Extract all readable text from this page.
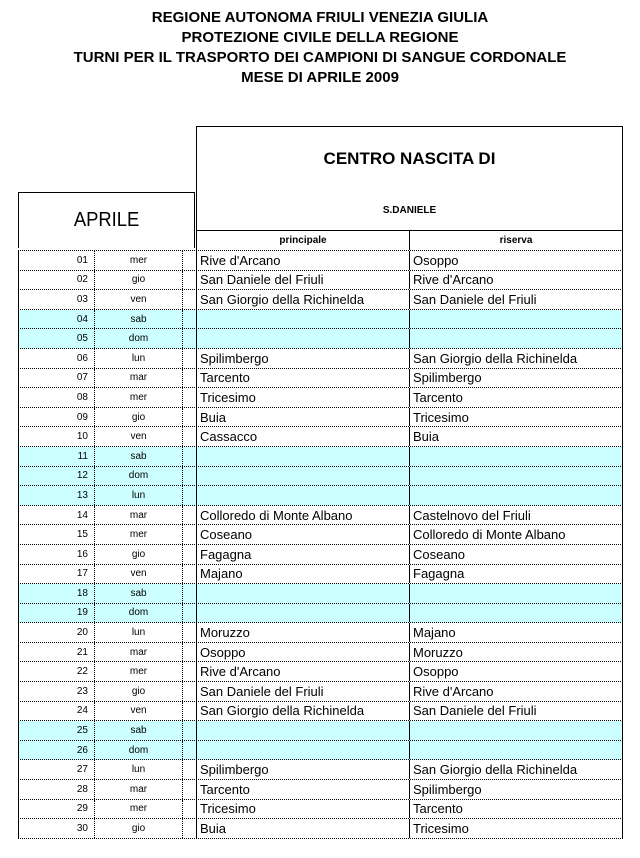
REGIONE AUTONOMA FRIULI VENEZIA GIULIA
PROTEZIONE CIVILE DELLA REGIONE
TURNI PER IL TRASPORTO DEI CAMPIONI DI SANGUE CORDONALE
MESE DI APRILE 2009
APRILE
CENTRO NASCITA DI
S.DANIELE
principale	riserva
01	mer	Rive d'Arcano	Osoppo
02	gio	San Daniele del Friuli	Rive d'Arcano
03	ven	San Giorgio della Richinelda	San Daniele del Friuli
04	sab
05	dom
06	lun	Spilimbergo	San Giorgio della Richinelda
07	mar	Tarcento	Spilimbergo
08	mer	Tricesimo	Tarcento
09	gio	Buia	Tricesimo
10	ven	Cassacco	Buia
11	sab
12	dom
13	lun
14	mar	Colloredo di Monte Albano	Castelnovo del Friuli
15	mer	Coseano	Colloredo di Monte Albano
16	gio	Fagagna	Coseano
17	ven	Majano	Fagagna
18	sab
19	dom
20	lun	Moruzzo	Majano
21	mar	Osoppo	Moruzzo
22	mer	Rive d'Arcano	Osoppo
23	gio	San Daniele del Friuli	Rive d'Arcano
24	ven	San Giorgio della Richinelda	San Daniele del Friuli
25	sab
26	dom
27	lun	Spilimbergo	San Giorgio della Richinelda
28	mar	Tarcento	Spilimbergo
29	mer	Tricesimo	Tarcento
30	gio	Buia	Tricesimo
